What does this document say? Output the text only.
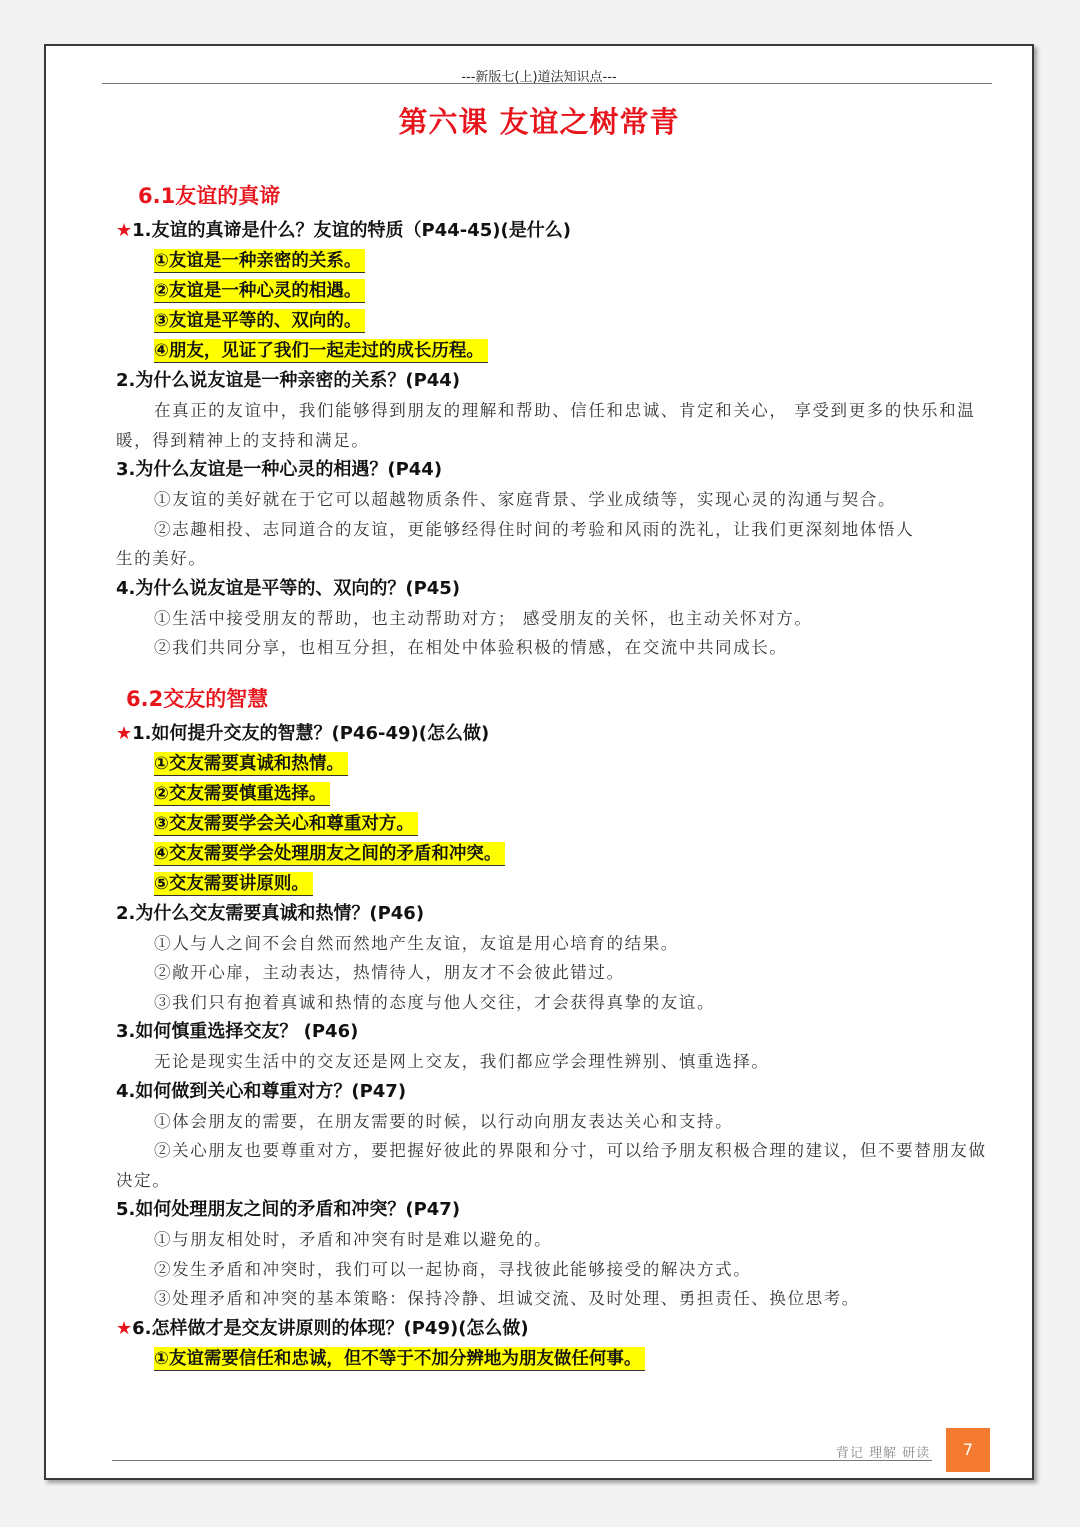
---新版七(上)道法知识点---
第六课 友谊之树常青
6.1友谊的真谛
★1.友谊的真谛是什么？友谊的特质（P44-45)(是什么)
①友谊是一种亲密的关系。
②友谊是一种心灵的相遇。
③友谊是平等的、双向的。
④朋友，见证了我们一起走过的成长历程。
2.为什么说友谊是一种亲密的关系？(P44)
在真正的友谊中，我们能够得到朋友的理解和帮助、信任和忠诚、肯定和关心， 享受到更多的快乐和温暖，得到精神上的支持和满足。
3.为什么友谊是一种心灵的相遇？(P44)
①友谊的美好就在于它可以超越物质条件、家庭背景、学业成绩等，实现心灵的沟通与契合。
②志趣相投、志同道合的友谊，更能够经得住时间的考验和风雨的洗礼，让我们更深刻地体悟人生的美好。
4.为什么说友谊是平等的、双向的？(P45)
①生活中接受朋友的帮助，也主动帮助对方； 感受朋友的关怀，也主动关怀对方。
②我们共同分享，也相互分担，在相处中体验积极的情感，在交流中共同成长。
6.2交友的智慧
★1.如何提升交友的智慧？(P46-49)(怎么做)
①交友需要真诚和热情。
②交友需要慎重选择。
③交友需要学会关心和尊重对方。
④交友需要学会处理朋友之间的矛盾和冲突。
⑤交友需要讲原则。
2.为什么交友需要真诚和热情？(P46)
①人与人之间不会自然而然地产生友谊，友谊是用心培育的结果。
②敞开心扉，主动表达，热情待人，朋友才不会彼此错过。
③我们只有抱着真诚和热情的态度与他人交往，才会获得真挚的友谊。
3.如何慎重选择交友？ (P46)
无论是现实生活中的交友还是网上交友，我们都应学会理性辨别、慎重选择。
4.如何做到关心和尊重对方？(P47)
①体会朋友的需要，在朋友需要的时候，以行动向朋友表达关心和支持。
②关心朋友也要尊重对方，要把握好彼此的界限和分寸，可以给予朋友积极合理的建议，但不要替朋友做决定。
5.如何处理朋友之间的矛盾和冲突？(P47)
①与朋友相处时，矛盾和冲突有时是难以避免的。
②发生矛盾和冲突时，我们可以一起协商，寻找彼此能够接受的解决方式。
③处理矛盾和冲突的基本策略：保持冷静、坦诚交流、及时处理、勇担责任、换位思考。
★6.怎样做才是交友讲原则的体现？(P49)(怎么做)
①友谊需要信任和忠诚，但不等于不加分辨地为朋友做任何事。
背记 理解 研读	7
